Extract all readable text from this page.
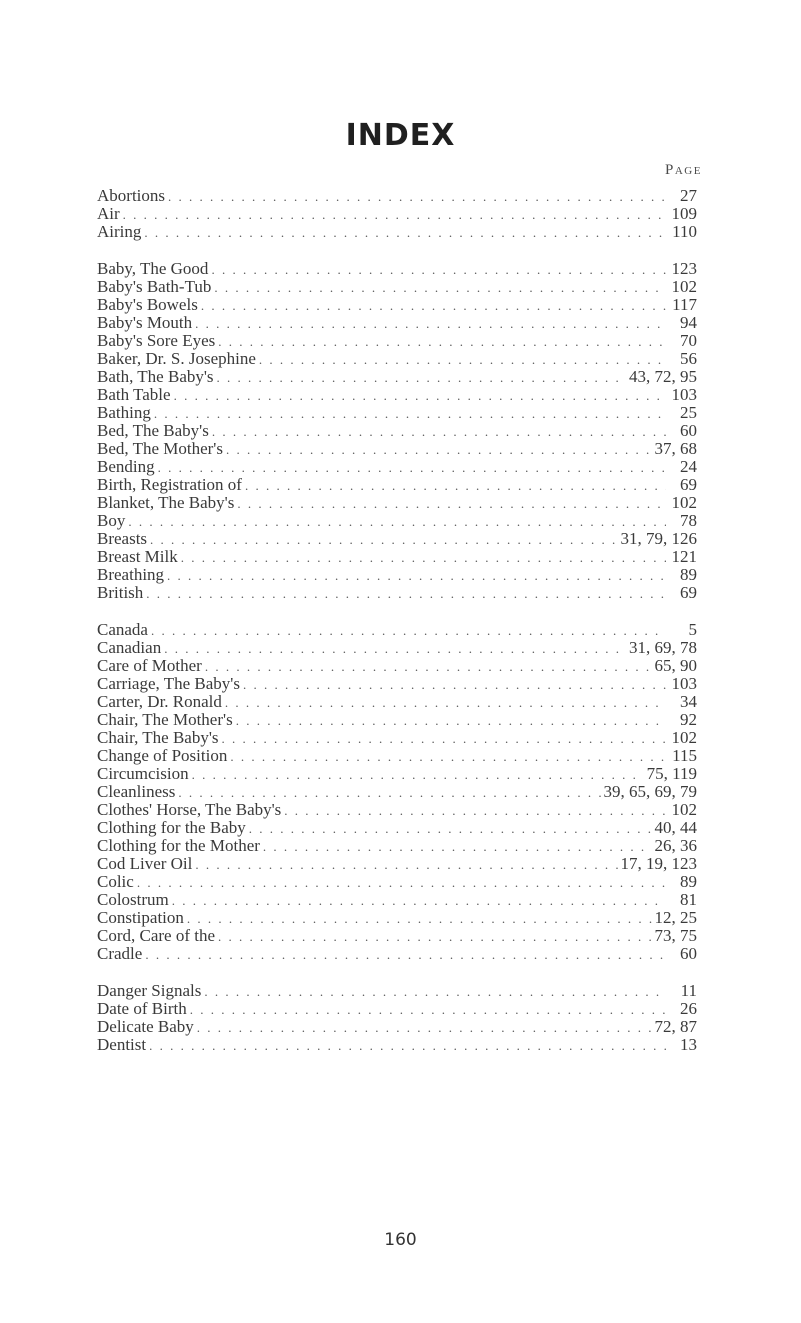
INDEX
Page
Abortions . . .	27
Air . . .	109
Airing . . .	110
Baby, The Good . . .	123
Baby's Bath-Tub . . .	102
Baby's Bowels . . .	117
Baby's Mouth . . .	94
Baby's Sore Eyes . . .	70
Baker, Dr. S. Josephine . . .	56
Bath, The Baby's . . .	43, 72, 95
Bath Table . . .	103
Bathing . . .	25
Bed, The Baby's . . .	60
Bed, The Mother's . . .	37, 68
Bending . . .	24
Birth, Registration of . . .	69
Blanket, The Baby's . . .	102
Boy . . .	78
Breasts . . .	31, 79, 126
Breast Milk . . .	121
Breathing . . .	89
British . . .	69
Canada . . .	5
Canadian . . .	31, 69, 78
Care of Mother . . .	65, 90
Carriage, The Baby's . . .	103
Carter, Dr. Ronald . . .	34
Chair, The Mother's . . .	92
Chair, The Baby's . . .	102
Change of Position . . .	115
Circumcision . . .	75, 119
Cleanliness . . .	39, 65, 69, 79
Clothes' Horse, The Baby's . . .	102
Clothing for the Baby . . .	40, 44
Clothing for the Mother . . .	26, 36
Cod Liver Oil . . .	17, 19, 123
Colic . . .	89
Colostrum . . .	81
Constipation . . .	12, 25
Cord, Care of the . . .	73, 75
Cradle . . .	60
Danger Signals . . .	11
Date of Birth . . .	26
Delicate Baby . . .	72, 87
Dentist . . .	13
160
